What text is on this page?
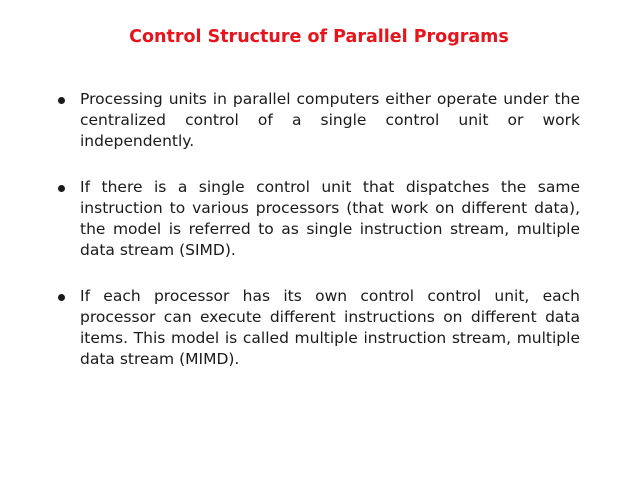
Control Structure of Parallel Programs
Processing units in parallel computers either operate under the centralized control of a single control unit or work independently.
If there is a single control unit that dispatches the same instruction to various processors (that work on different data), the model is referred to as single instruction stream, multiple data stream (SIMD).
If each processor has its own control control unit, each processor can execute different instructions on different data items. This model is called multiple instruction stream, multiple data stream (MIMD).
